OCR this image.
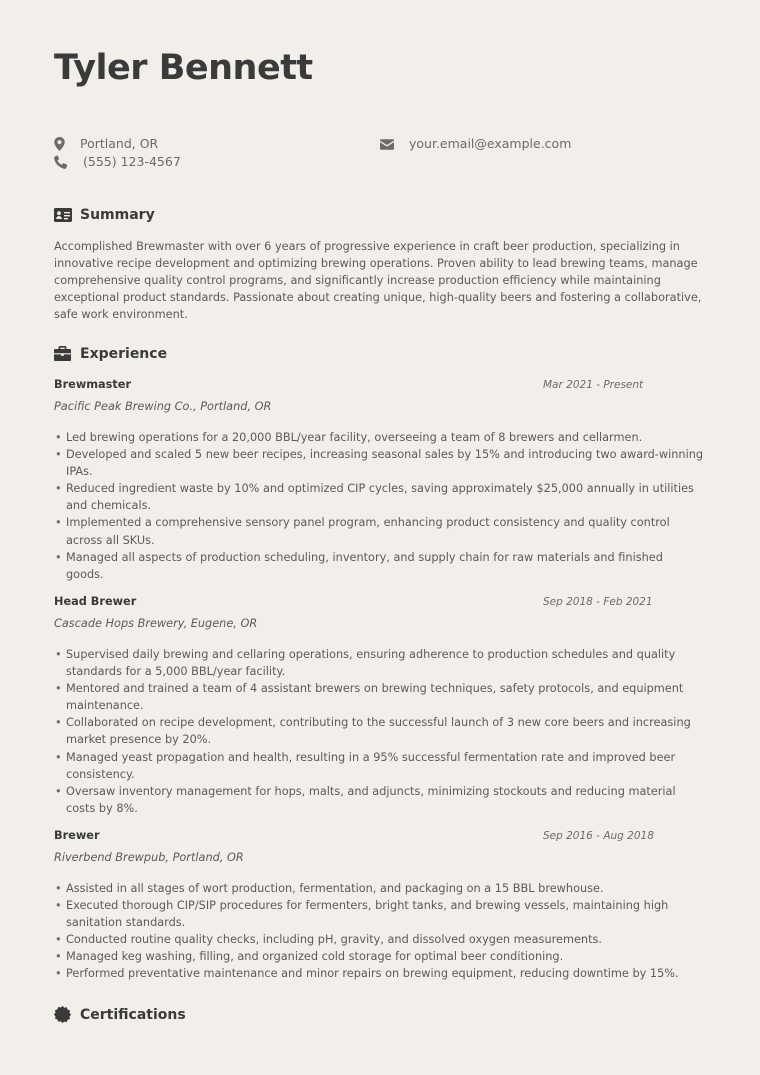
Tyler Bennett
Portland, OR
(555) 123-4567
your.email@example.com
Summary

Accomplished Brewmaster with over 6 years of progressive experience in craft beer production, specializing in innovative recipe development and optimizing brewing operations. Proven ability to lead brewing teams, manage comprehensive quality control programs, and significantly increase production efficiency while maintaining exceptional product standards. Passionate about creating unique, high-quality beers and fostering a collaborative, safe work environment.

Experience
Brewmaster	Mar 2021 - Present
Pacific Peak Brewing Co., Portland, OR
• Led brewing operations for a 20,000 BBL/year facility, overseeing a team of 8 brewers and cellarmen.
• Developed and scaled 5 new beer recipes, increasing seasonal sales by 15% and introducing two award-winning IPAs.
• Reduced ingredient waste by 10% and optimized CIP cycles, saving approximately $25,000 annually in utilities and chemicals.
• Implemented a comprehensive sensory panel program, enhancing product consistency and quality control across all SKUs.
• Managed all aspects of production scheduling, inventory, and supply chain for raw materials and finished goods.
Head Brewer	Sep 2018 - Feb 2021
Cascade Hops Brewery, Eugene, OR
• Supervised daily brewing and cellaring operations, ensuring adherence to production schedules and quality standards for a 5,000 BBL/year facility.
• Mentored and trained a team of 4 assistant brewers on brewing techniques, safety protocols, and equipment maintenance.
• Collaborated on recipe development, contributing to the successful launch of 3 new core beers and increasing market presence by 20%.
• Managed yeast propagation and health, resulting in a 95% successful fermentation rate and improved beer consistency.
• Oversaw inventory management for hops, malts, and adjuncts, minimizing stockouts and reducing material costs by 8%.
Brewer	Sep 2016 - Aug 2018
Riverbend Brewpub, Portland, OR
• Assisted in all stages of wort production, fermentation, and packaging on a 15 BBL brewhouse.
• Executed thorough CIP/SIP procedures for fermenters, bright tanks, and brewing vessels, maintaining high sanitation standards.
• Conducted routine quality checks, including pH, gravity, and dissolved oxygen measurements.
• Managed keg washing, filling, and organized cold storage for optimal beer conditioning.
• Performed preventative maintenance and minor repairs on brewing equipment, reducing downtime by 15%.
Certifications
